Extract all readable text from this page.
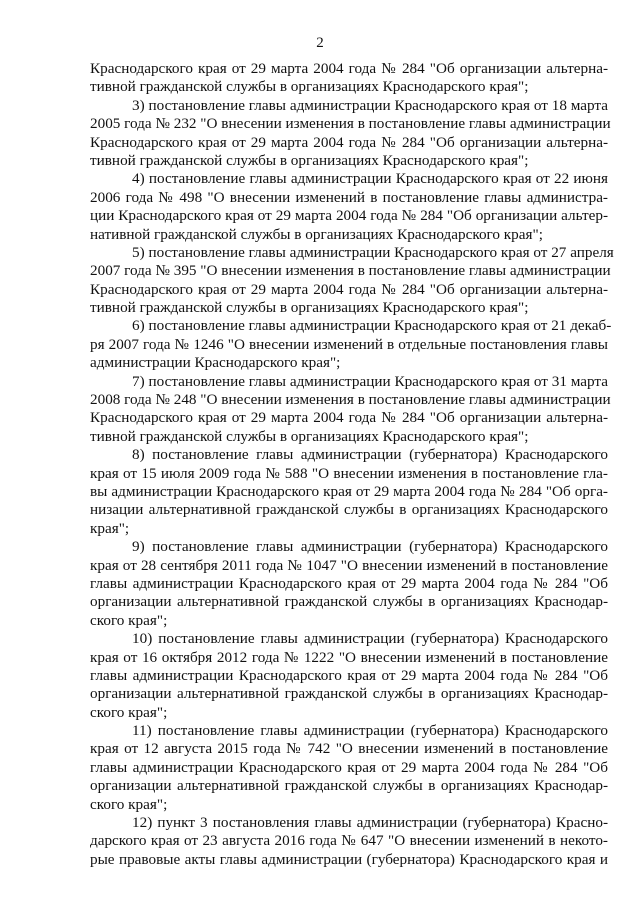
2
Краснодарского края от 29 марта 2004 года № 284 "Об организации альтерна-
тивной гражданской службы в организациях Краснодарского края";
3) постановление главы администрации Краснодарского края от 18 марта
2005 года № 232 "О внесении изменения в постановление главы администрации
Краснодарского края от 29 марта 2004 года № 284 "Об организации альтерна-
тивной гражданской службы в организациях Краснодарского края";
4) постановление главы администрации Краснодарского края от 22 июня
2006 года № 498 "О внесении изменений в постановление главы администра-
ции Краснодарского края от 29 марта 2004 года № 284 "Об организации альтер-
нативной гражданской службы в организациях Краснодарского края";
5) постановление главы администрации Краснодарского края от 27 апреля
2007 года № 395 "О внесении изменения в постановление главы администрации
Краснодарского края от 29 марта 2004 года № 284 "Об организации альтерна-
тивной гражданской службы в организациях Краснодарского края";
6) постановление главы администрации Краснодарского края от 21 декаб-
ря 2007 года № 1246 "О внесении изменений в отдельные постановления главы
администрации Краснодарского края";
7) постановление главы администрации Краснодарского края от 31 марта
2008 года № 248 "О внесении изменения в постановление главы администрации
Краснодарского края от 29 марта 2004 года № 284 "Об организации альтерна-
тивной гражданской службы в организациях Краснодарского края";
8) постановление главы администрации (губернатора) Краснодарского
края от 15 июля 2009 года № 588 "О внесении изменения в постановление гла-
вы администрации Краснодарского края от 29 марта 2004 года № 284 "Об орга-
низации альтернативной гражданской службы в организациях Краснодарского
края";
9) постановление главы администрации (губернатора) Краснодарского
края от 28 сентября 2011 года № 1047 "О внесении изменений в постановление
главы администрации Краснодарского края от 29 марта 2004 года № 284 "Об
организации альтернативной гражданской службы в организациях Краснодар-
ского края";
10) постановление главы администрации (губернатора) Краснодарского
края от 16 октября 2012 года № 1222 "О внесении изменений в постановление
главы администрации Краснодарского края от 29 марта 2004 года № 284 "Об
организации альтернативной гражданской службы в организациях Краснодар-
ского края";
11) постановление главы администрации (губернатора) Краснодарского
края от 12 августа 2015 года № 742 "О внесении изменений в постановление
главы администрации Краснодарского края от 29 марта 2004 года № 284 "Об
организации альтернативной гражданской службы в организациях Краснодар-
ского края";
12) пункт 3 постановления главы администрации (губернатора) Красно-
дарского края от 23 августа 2016 года № 647 "О внесении изменений в некото-
рые правовые акты главы администрации (губернатора) Краснодарского края и
